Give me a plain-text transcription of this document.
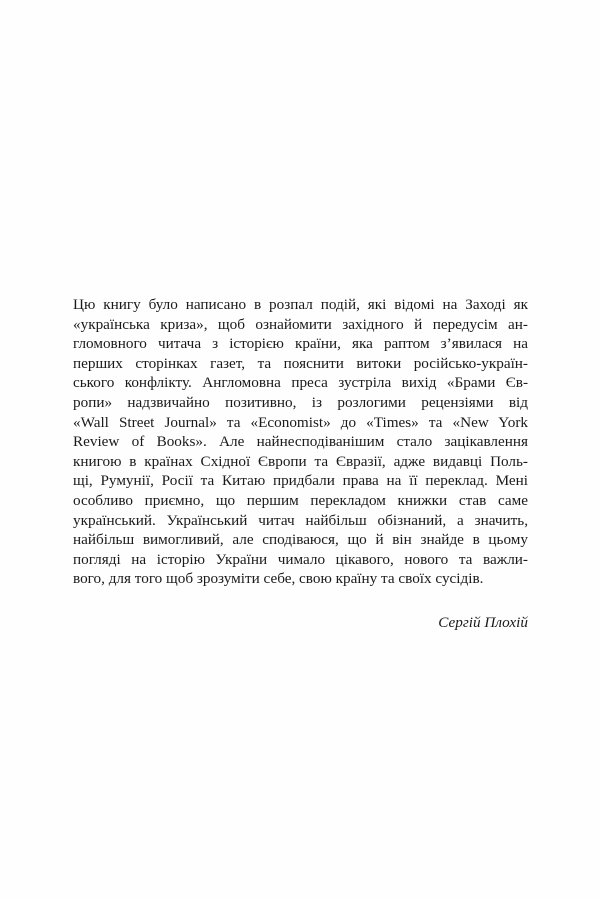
Цю книгу було написано в розпал подій, які відомі на Заході як
«українська криза», щоб ознайомити західного й передусім ан-
гломовного читача з історією країни, яка раптом з’явилася на
перших сторінках газет, та пояснити витоки російсько-україн-
ського конфлікту. Англомовна преса зустріла вихід «Брами Єв-
ропи» надзвичайно позитивно, із розлогими рецензіями від
«Wall Street Journal» та «Economist» до «Times» та «New York
Review of Books». Але найнесподіванішим стало зацікавлення
книгою в країнах Східної Європи та Євразії, адже видавці Поль-
щі, Румунії, Росії та Китаю придбали права на її переклад. Мені
особливо приємно, що першим перекладом книжки став саме
український. Український читач найбільш обізнаний, а значить,
найбільш вимогливий, але сподіваюся, що й він знайде в цьому
погляді на історію України чимало цікавого, нового та важли-
вого, для того щоб зрозуміти себе, свою країну та своїх сусідів.
Сергій Плохій
